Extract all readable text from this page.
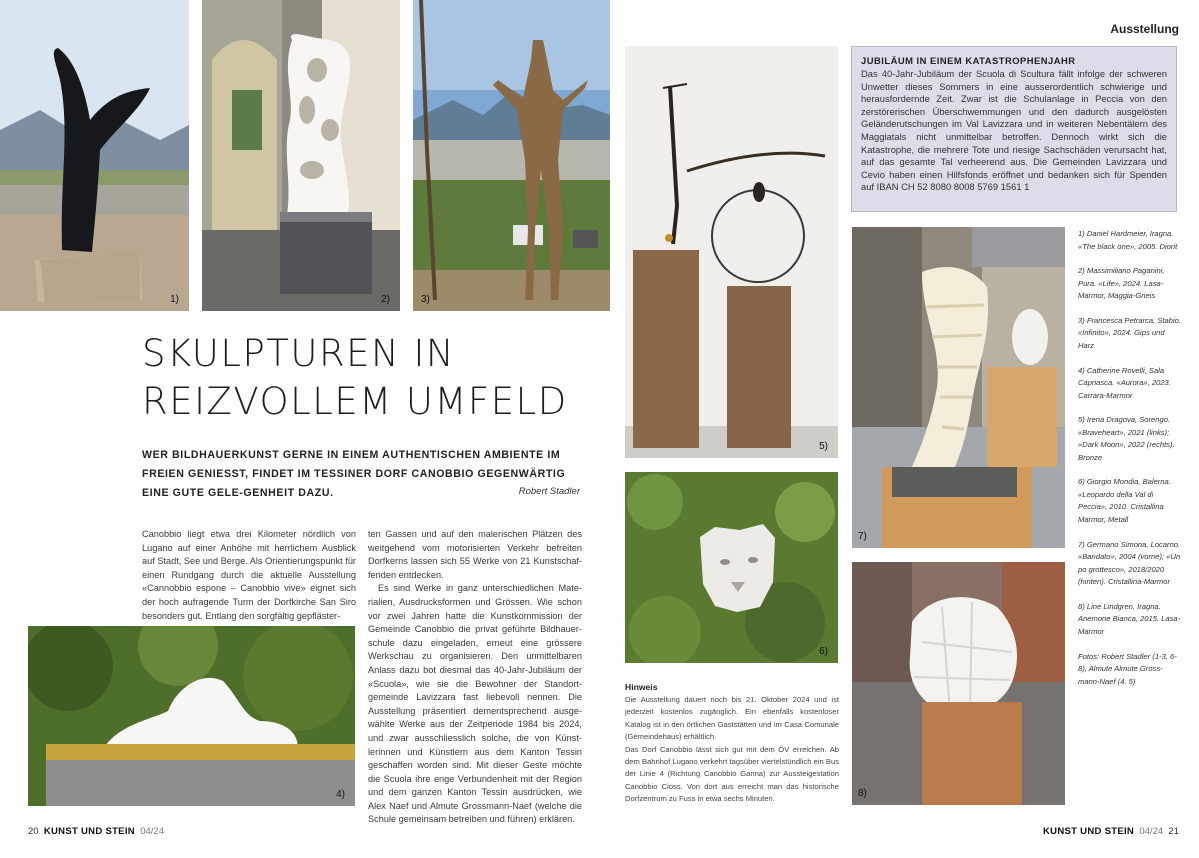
1)	2)	3)
5)
6)
7)
8)
4)
Ausstellung
SKULPTUREN IN
REIZVOLLEM UMFELD
WER BILDHAUERKUNST GERNE IN EINEM AUTHENTISCHEN AMBIENTE IM FREIEN GENIESST, FINDET IM TESSINER DORF CANOBBIO GEGENWÄRTIG EINE GUTE GELE-GENHEIT DAZU.	Robert Stadler

Canobbio liegt etwa drei Kilometer nördlich von Lugano auf einer Anhöhe mit herrlichem Ausblick auf Stadt, See und Berge. Als Orientierungspunkt für einen Rundgang durch die aktuelle Ausstellung «Cannobbio espone – Canobbio vive» eignet sich der hoch aufragende Turm der Dorfkirche San Siro besonders gut. Entlang den sorgfältig gepfläster-

ten Gassen und auf den malerischen Plätzen des weitgehend vom motorisierten Verkehr befreiten Dorfkerns lassen sich 55 Werke von 21 Kunstschaf-fenden entdecken.

Es sind Werke in ganz unterschiedlichen Mate-rialien, Ausdrucksformen und Grössen. Wie schon vor zwei Jahren hatte die Kunstkommission der Gemeinde Canobbio die privat geführte Bildhauer-schule dazu eingeladen, erneut eine grössere Werkschau zu organisieren. Den unmittelbaren Anlass dazu bot diesmal das 40-Jahr-Jubiläum der «Scuola», wie sie die Bewohner der Standort-gemeinde Lavizzara fast liebevoll nennen. Die Ausstellung präsentiert dementsprechend ausge-wählte Werke aus der Zeitperiode 1984 bis 2024, und zwar ausschliesslich solche, die von Künst-lerinnen und Künstlern aus dem Kanton Tessin geschaffen worden sind. Mit dieser Geste möchte die Scuola ihre enge Verbundenheit mit der Region und dem ganzen Kanton Tessin ausdrücken, wie Alex Naef und Almute Grossmann-Naef (welche die Schule gemeinsam betreiben und führen) erklären.

JUBILÄUM IN EINEM KATASTROPHENJAHR
Das 40-Jahr-Jubiläum der Scuola di Scultura fällt infolge der schweren Unwetter dieses Sommers in eine ausserordentlich schwierige und herausfordernde Zeit. Zwar ist die Schulanlage in Peccia von den zerstörerischen Überschwemmungen und den dadurch ausgelösten Geländerutschungen im Val Lavizzara und in weiteren Nebentälern des Maggiatals nicht unmittelbar betroffen. Dennoch wirkt sich die Katastrophe, die mehrere Tote und riesige Sachschäden verursacht hat, auf das gesamte Tal verheerend aus. Die Gemeinden Lavizzara und Cevio haben einen Hilfsfonds eröffnet und bedanken sich für Spenden auf IBAN CH 52 8080 8008 5769 1561 1
Hinweis

Die Ausstellung dauert noch bis 21. Oktober 2024 und ist jederzeit kostenlos zugänglich. Ein ebenfalls kostenloser Katalog ist in den örtlichen Gaststätten und im Casa Comunale (Gemeindehaus) erhältlich.

Das Dorf Canobbio lässt sich gut mit dem ÖV erreichen. Ab dem Bahnhof Lugano verkehrt tagsüber viertelstündlich ein Bus der Linie 4 (Richtung Canobbio Ganna) zur Aussteigestation Canobbio Cioss. Von dort aus erreicht man das historische Dorfzentrum zu Fuss in etwa sechs Minuten.

1) Daniel Hardmeier, Iragna. «The black one», 2005. Diorit

2) Massimiliano Paganini, Pura. «Life», 2024. Lasa-Marmor, Maggia-Gneis

3) Francesca Petrarca, Stabio. «Infinito», 2024. Gips und Harz

4) Catherine Rovelli, Sala Capriasca. «Aurora», 2023. Carrara-Marmor

5) Irena Dragova, Sorengo. «Braveheart», 2021 (links); «Dark Moon», 2022 (rechts). Bronze

6) Giorgio Mondia, Balerna. «Leopardo della Val di Peccia», 2010. Cristallina Marmor, Metall

7) Germano Simona, Locarno. «Bandato», 2004 (vorne); «Un po grottesco», 2018/2020 (hinten). Cristallina-Marmor

8) Line Lindgren, Iragna. Anemone Bianca, 2015. Lasa-Marmor

Fotos: Robert Stadler (1-3, 6-8), Almute Almute Gross-mann-Naef (4, 5)

20 KUNST UND STEIN 04/24	KUNST UND STEIN 04/24 21
